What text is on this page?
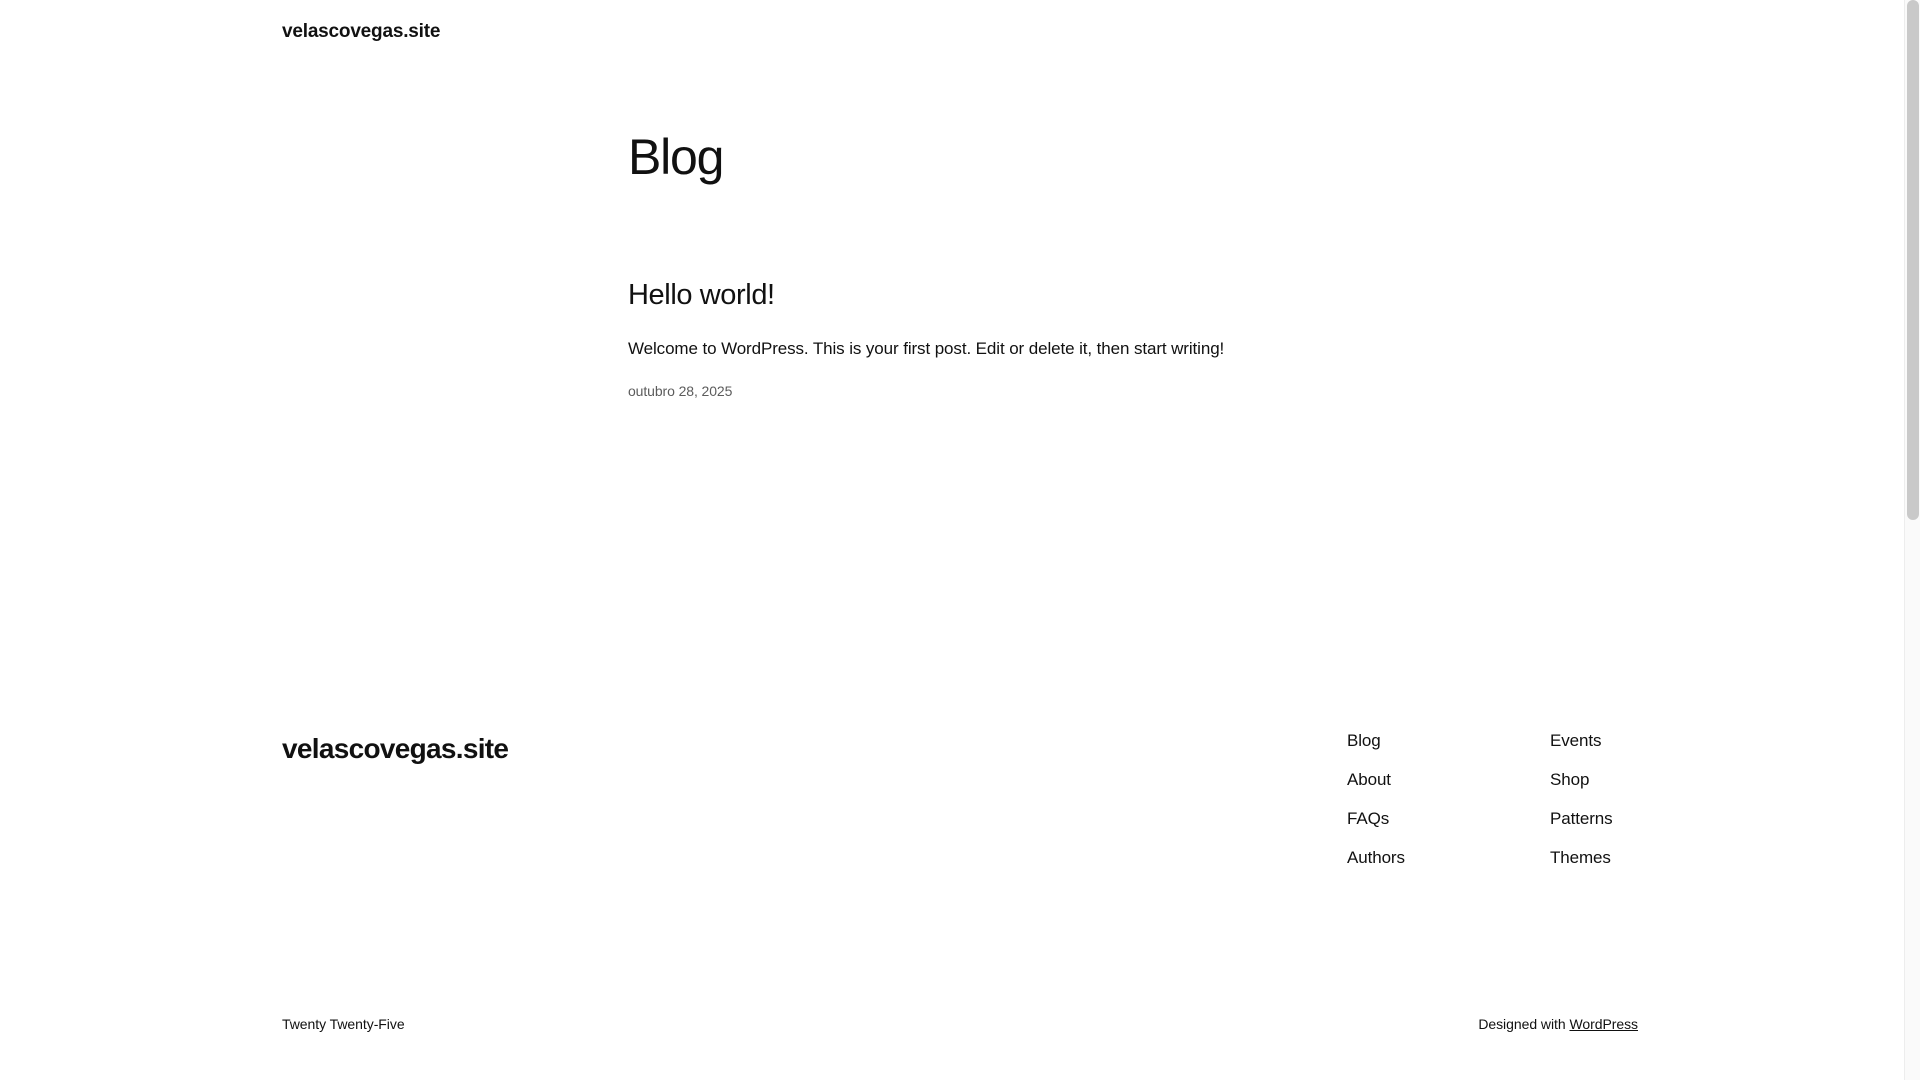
velascovegas.site
Blog
Hello world!

Welcome to WordPress. This is your first post. Edit or delete it, then start writing!

outubro 28, 2025

velascovegas.site	Blog
About
FAQs
Authors
Events
Shop
Patterns
Themes
Twenty Twenty-Five	Designed with WordPress
